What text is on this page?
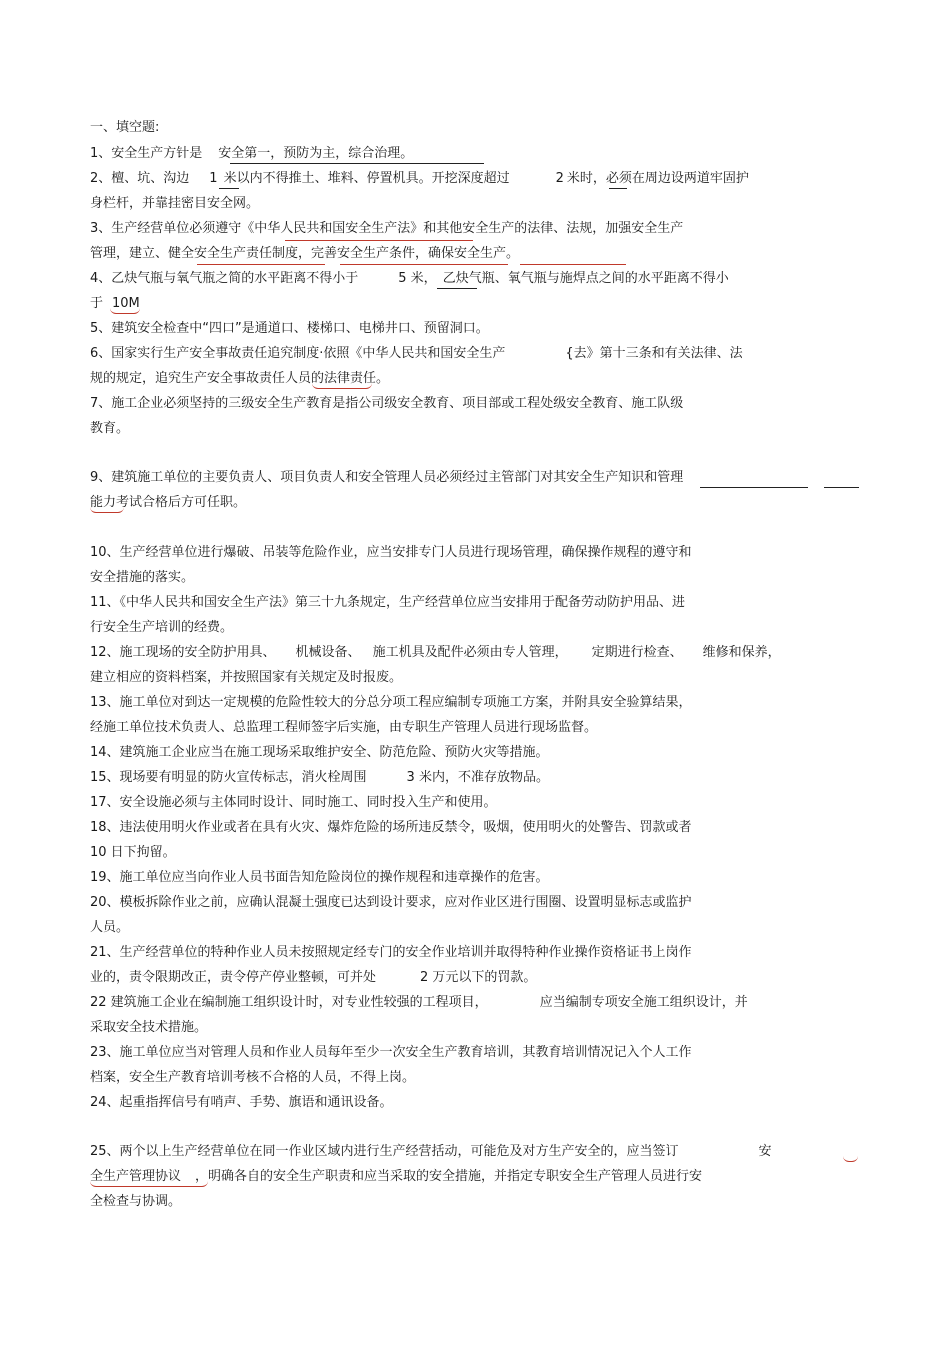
一、填空题:
1、安全生产方针是 安全第一，预防为主，综合治理。
2、檀、坑、沟边 1 米以内不得推土、堆料、停置机具。开挖深度超过	2 米时，必须在周边设两道牢固护
身栏杆，并靠挂密目安全网。
3、生产经营单位必须遵守《中华人民共和国安全生产法》和其他安全生产的法律、法规，加强安全生产
管理，建立、健全安全生产责任制度，完善安全生产条件，确保安全生产。
4、乙炔气瓶与氧气瓶之简的水平距离不得小于	5 米， 乙炔气瓶、氧气瓶与施焊点之间的水平距离不得小
于 10M
5、建筑安全检查中“四口”是通道口、楼梯口、电梯井口、预留洞口。
6、国家实行生产安全事故责任追究制度·依照《中华人民共和国安全生产	{去》第十三条和有关法律、法
规的规定，追究生产安全事故责任人员的法律责任。
7、施工企业必须坚持的三级安全生产教育是指公司级安全教育、项目部或工程处级安全教育、施工队级
教育。
9、建筑施工单位的主要负责人、项目负责人和安全管理人员必须经过主管部门对其安全生产知识和管理
能力考试合格后方可任职。
10、生产经营单位进行爆破、吊装等危险作业，应当安排专门人员进行现场管理，确保操作规程的遵守和
安全措施的落实。
11、《中华人民共和国安全生产法》第三十九条规定，生产经营单位应当安排用于配备劳动防护用品、进
行安全生产培训的经费。
12、施工现场的安全防护用具、 机械设备、 施工机具及配件必须由专人管理， 定期进行检查、 维修和保养，
建立相应的资料档案，并按照国家有关规定及时报废。
13、施工单位对到达一定规模的危险性较大的分总分项工程应编制专项施工方案，并附具安全验算结果，
经施工单位技术负责人、总监理工程师签字后实施，由专职生产管理人员进行现场监督。
14、建筑施工企业应当在施工现场采取维护安全、防范危险、预防火灾等措施。
15、现场要有明显的防火宣传标志，消火栓周围	3 米内，不准存放物品。
17、安全设施必须与主体同时设计、同时施工、同时投入生产和使用。
18、违法使用明火作业或者在具有火灾、爆炸危险的场所违反禁令，吸烟，使用明火的处警告、罚款或者
10 日下拘留。
19、施工单位应当向作业人员书面告知危险岗位的操作规程和违章操作的危害。
20、模板拆除作业之前，应确认混凝土强度已达到设计要求，应对作业区进行围圈、设置明显标志或监护
人员。
21、生产经营单位的特种作业人员未按照规定经专门的安全作业培训并取得特种作业操作资格证书上岗作
业的，责令限期改正，责令停产停业整顿，可并处	2 万元以下的罚款。
22 建筑施工企业在编制施工组织设计时，对专业性较强的工程项目，	应当编制专项安全施工组织设计，并
采取安全技术措施。
23、施工单位应当对管理人员和作业人员每年至少一次安全生产教育培训，其教育培训情况记入个人工作
档案，安全生产教育培训考核不合格的人员，不得上岗。
24、起重指挥信号有哨声、手势、旗语和通讯设备。
25、两个以上生产经营单位在同一作业区域内进行生产经营括动，可能危及对方生产安全的，应当签订	安
全生产管理协议 ，明确各自的安全生产职责和应当采取的安全措施，并指定专职安全生产管理人员进行安
全检查与协调。
